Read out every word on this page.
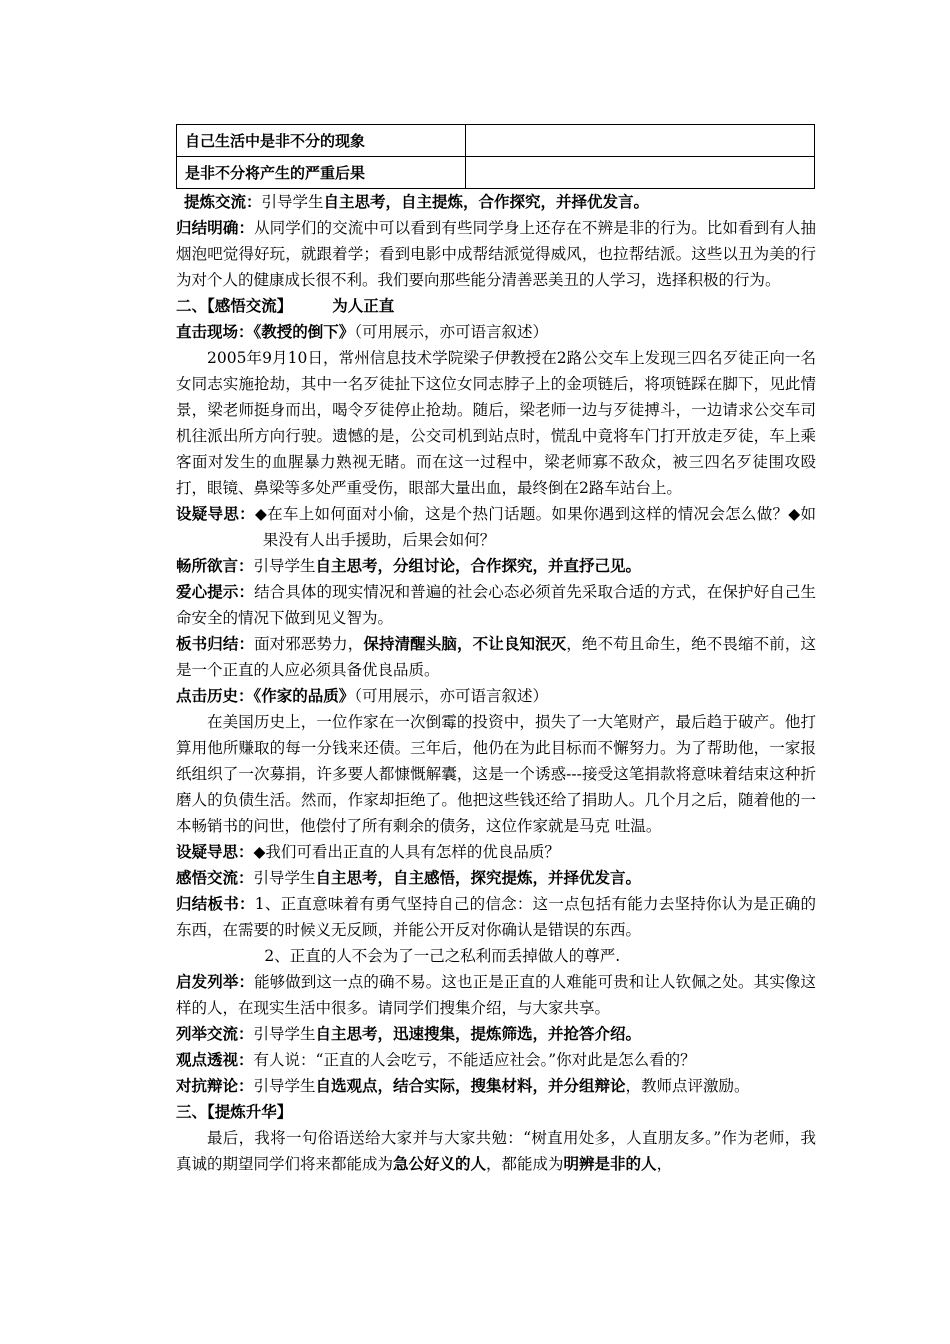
自己生活中是非不分的现象	
是非不分将产生的严重后果	

提炼交流：引导学生自主思考，自主提炼，合作探究，并择优发言。

归结明确：从同学们的交流中可以看到有些同学身上还存在不辨是非的行为。比如看到有人抽烟泡吧觉得好玩，就跟着学；看到电影中成帮结派觉得威风，也拉帮结派。这些以丑为美的行为对个人的健康成长很不利。我们要向那些能分清善恶美丑的人学习，选择积极的行为。

二、【感悟交流】	为人正直

直击现场：《教授的倒下》（可用展示，亦可语言叙述）

2005年9月10日，常州信息技术学院梁子伊教授在2路公交车上发现三四名歹徒正向一名女同志实施抢劫，其中一名歹徒扯下这位女同志脖子上的金项链后，将项链踩在脚下，见此情景，梁老师挺身而出，喝令歹徒停止抢劫。随后，梁老师一边与歹徒搏斗，一边请求公交车司机往派出所方向行驶。遗憾的是，公交司机到站点时，慌乱中竟将车门打开放走歹徒，车上乘客面对发生的血腥暴力熟视无睹。而在这一过程中，梁老师寡不敌众，被三四名歹徒围攻殴打，眼镜、鼻梁等多处严重受伤，眼部大量出血，最终倒在2路车站台上。

设疑导思：◆在车上如何面对小偷，这是个热门话题。如果你遇到这样的情况会怎么做？◆如果没有人出手援助，后果会如何？

畅所欲言：引导学生自主思考，分组讨论，合作探究，并直抒己见。

爱心提示：结合具体的现实情况和普遍的社会心态必须首先采取合适的方式，在保护好自己生命安全的情况下做到见义智为。

板书归结：面对邪恶势力，保持清醒头脑，不让良知泯灭，绝不苟且命生，绝不畏缩不前，这是一个正直的人应必须具备优良品质。

点击历史：《作家的品质》（可用展示，亦可语言叙述）

在美国历史上，一位作家在一次倒霉的投资中，损失了一大笔财产，最后趋于破产。他打算用他所赚取的每一分钱来还债。三年后，他仍在为此目标而不懈努力。为了帮助他，一家报纸组织了一次募捐，许多要人都慷慨解囊，这是一个诱惑---接受这笔捐款将意味着结束这种折磨人的负债生活。然而，作家却拒绝了。他把这些钱还给了捐助人。几个月之后，随着他的一本畅销书的问世，他偿付了所有剩余的债务，这位作家就是马克 吐温。

设疑导思：◆我们可看出正直的人具有怎样的优良品质？

感悟交流：引导学生自主思考，自主感悟，探究提炼，并择优发言。

归结板书：1、正直意味着有勇气坚持自己的信念：这一点包括有能力去坚持你认为是正确的东西，在需要的时候义无反顾，并能公开反对你确认是错误的东西。

2、正直的人不会为了一己之私利而丢掉做人的尊严.

启发列举：能够做到这一点的确不易。这也正是正直的人难能可贵和让人钦佩之处。其实像这样的人，在现实生活中很多。请同学们搜集介绍，与大家共享。

列举交流：引导学生自主思考，迅速搜集，提炼筛选，并抢答介绍。

观点透视：有人说：“正直的人会吃亏，不能适应社会。”你对此是怎么看的？

对抗辩论：引导学生自选观点，结合实际，搜集材料，并分组辩论，教师点评激励。

三、【提炼升华】

最后，我将一句俗语送给大家并与大家共勉：“树直用处多，人直朋友多。”作为老师，我真诚的期望同学们将来都能成为急公好义的人，都能成为明辨是非的人，
